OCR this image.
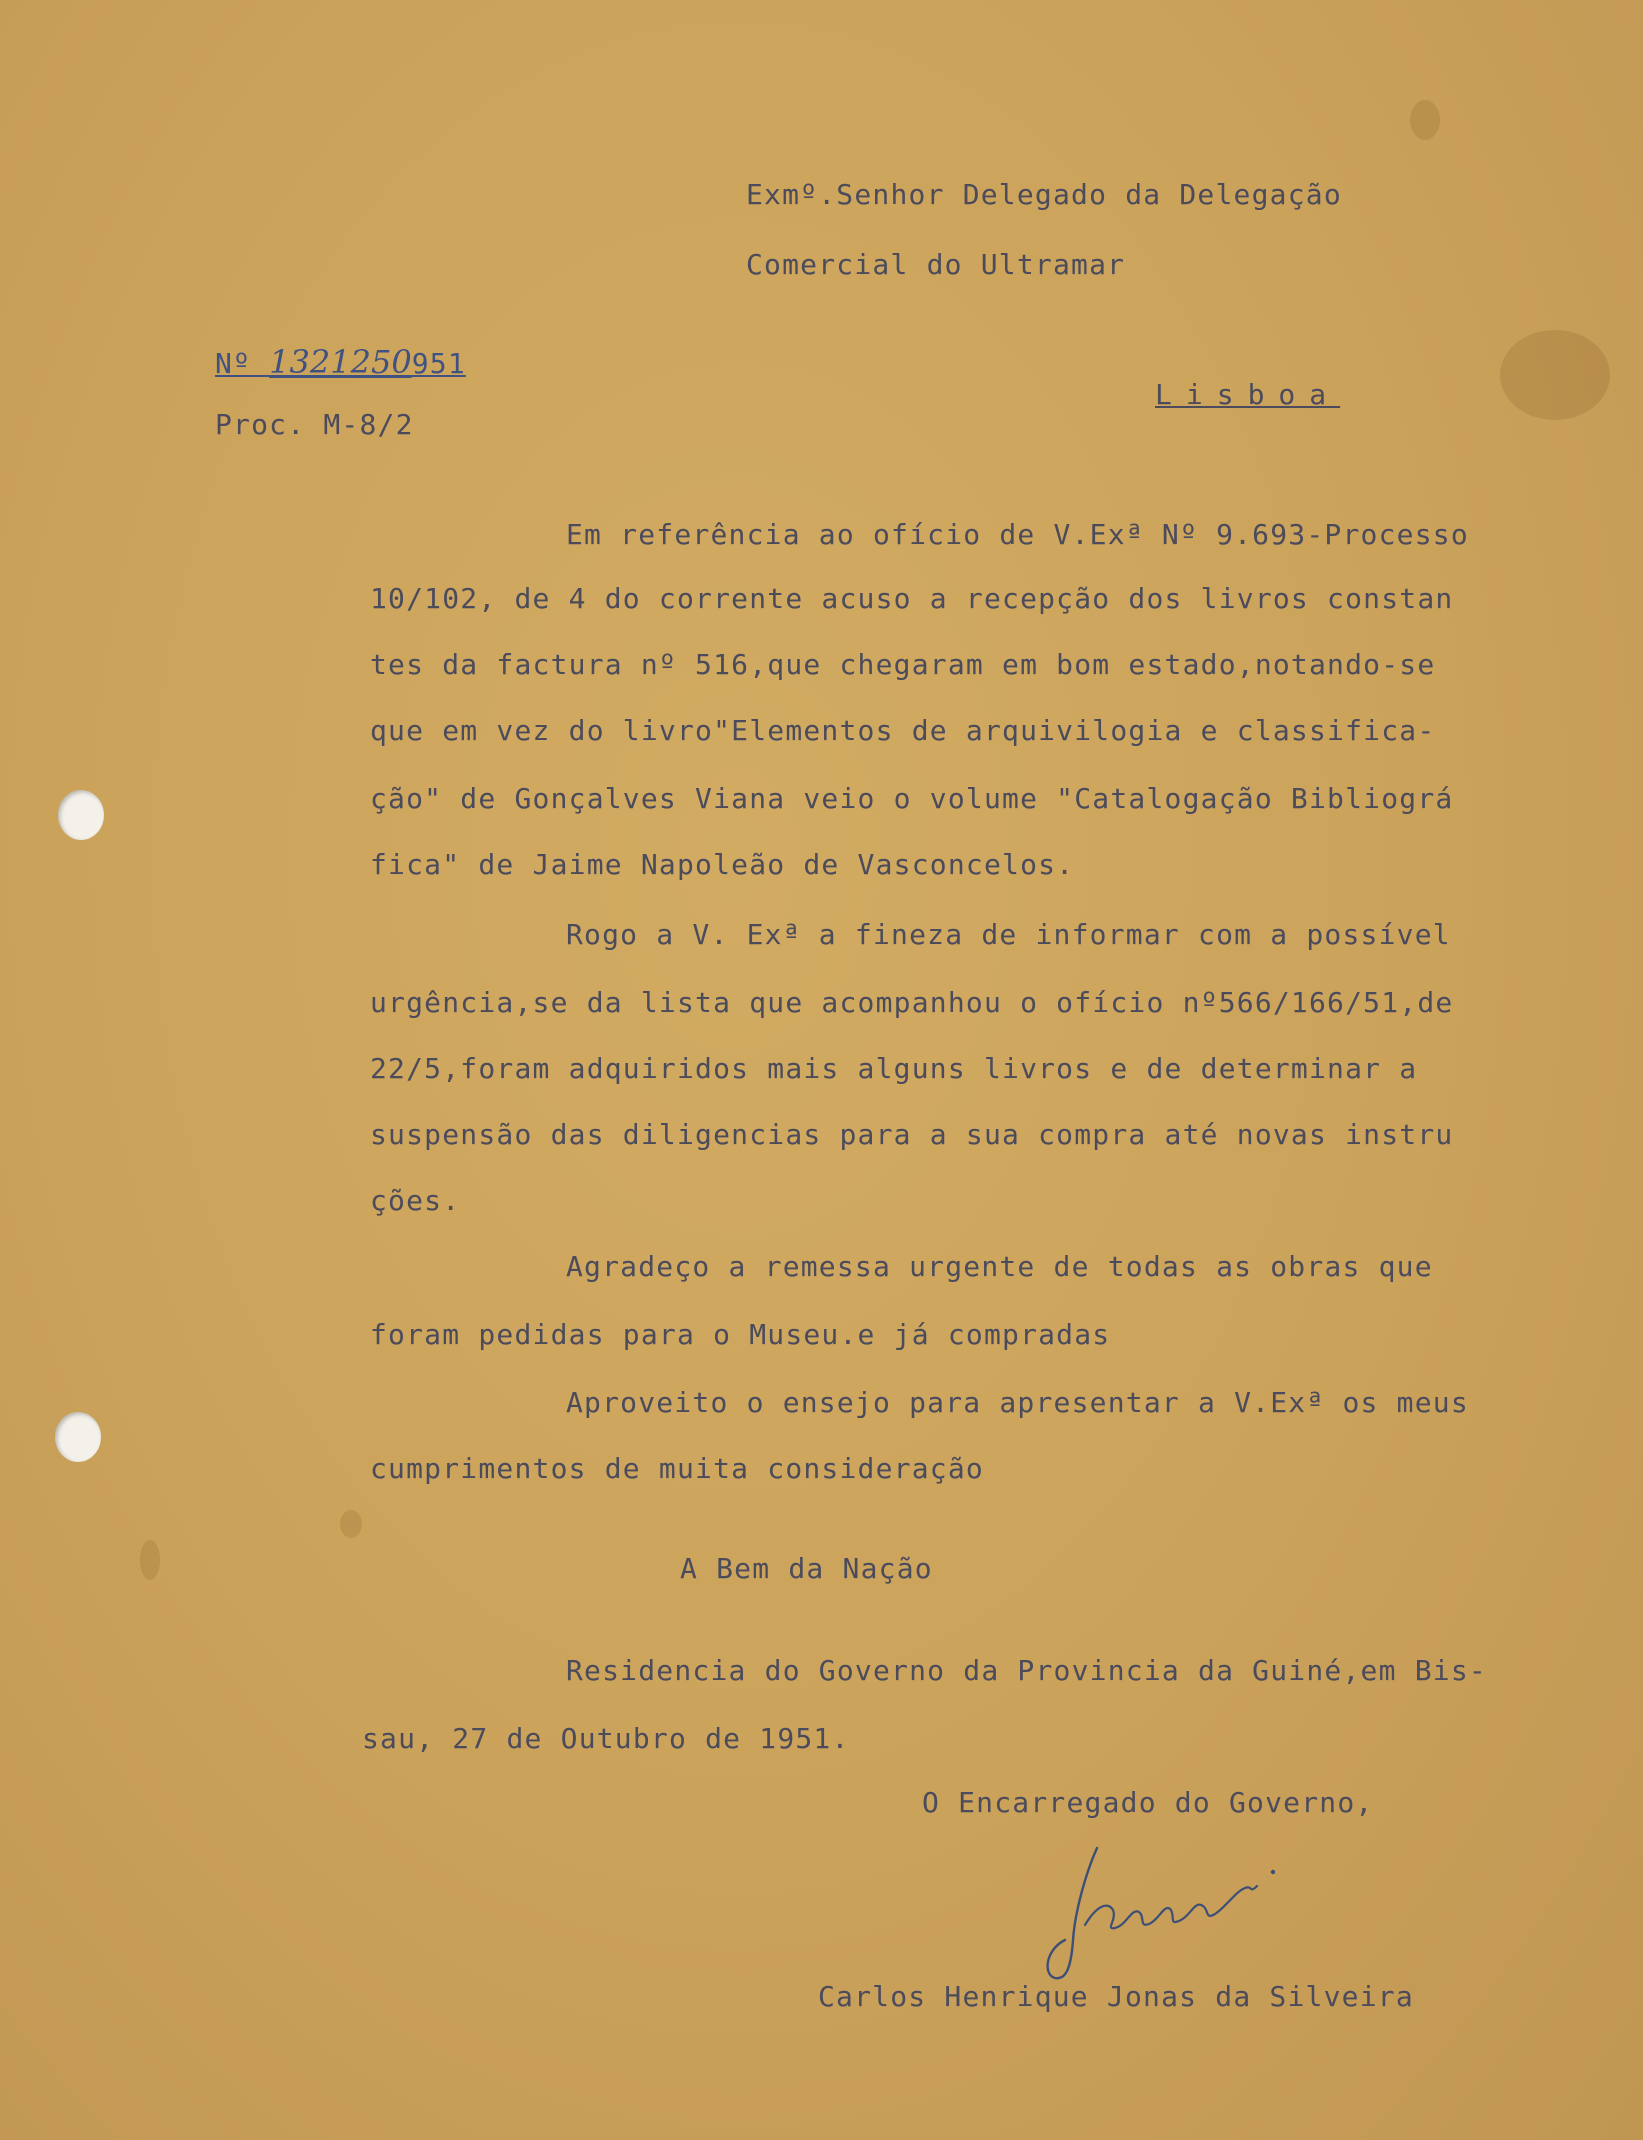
Exmº.Senhor Delegado da Delegação
Comercial do Ultramar
Nº 1321250951
Proc. M-8/2
Lisboa
Em referência ao ofício de V.Exª Nº 9.693-Processo
10/102, de 4 do corrente acuso a recepção dos livros constan
tes da factura nº 516,que chegaram em bom estado,notando-se
que em vez do livro"Elementos de arquivilogia e classifica-
ção" de Gonçalves Viana veio o volume "Catalogação Bibliográ
fica" de Jaime Napoleão de Vasconcelos.
Rogo a V. Exª a fineza de informar com a possível
urgência,se da lista que acompanhou o ofício nº566/166/51,de
22/5,foram adquiridos mais alguns livros e de determinar a
suspensão das diligencias para a sua compra até novas instru
ções.
Agradeço a remessa urgente de todas as obras que
foram pedidas para o Museu.e já compradas
Aproveito o ensejo para apresentar a V.Exª os meus
cumprimentos de muita consideração
A Bem da Nação
Residencia do Governo da Provincia da Guiné,em Bis-
sau, 27 de Outubro de 1951.
O Encarregado do Governo,
Carlos Henrique Jonas da Silveira
